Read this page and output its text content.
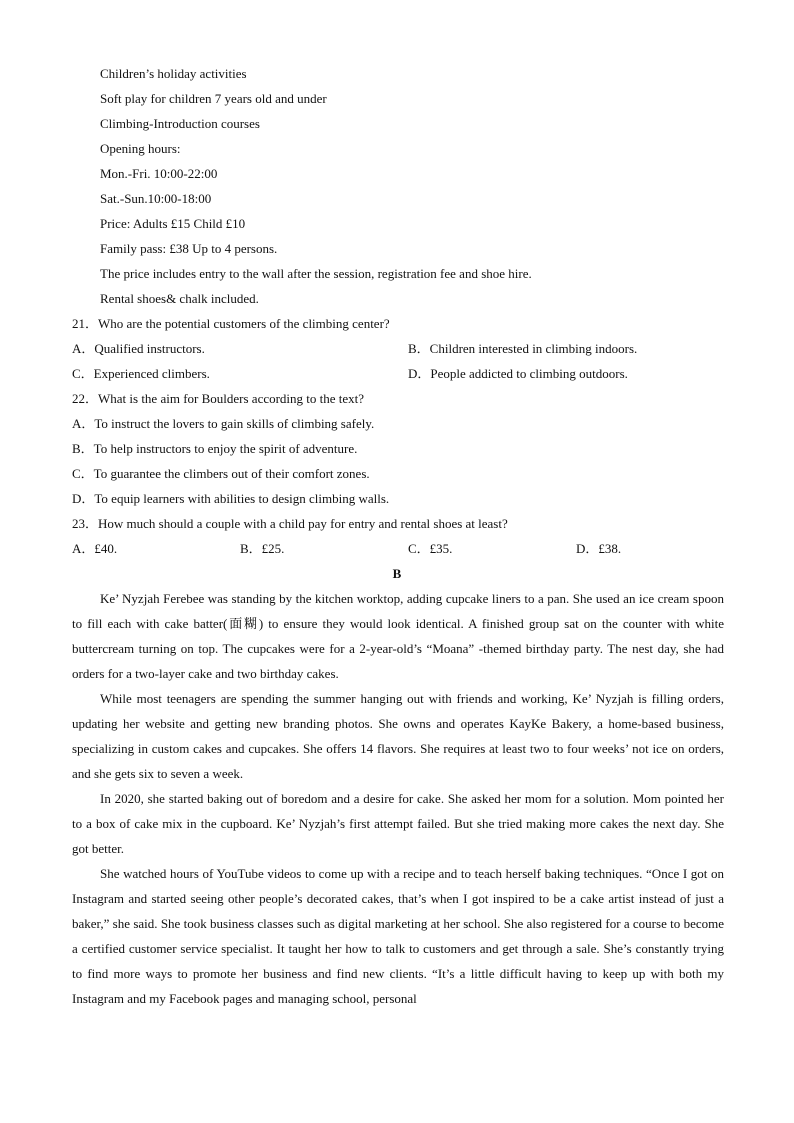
Children’s holiday activities
Soft play for children 7 years old and under
Climbing-Introduction courses
Opening hours:
Mon.-Fri. 10:00-22:00
Sat.-Sun.10:00-18:00
Price: Adults £15 Child £10
Family pass: £38 Up to 4 persons.
The price includes entry to the wall after the session, registration fee and shoe hire.
Rental shoes& chalk included.
21．Who are the potential customers of the climbing center?
A．Qualified instructors.	B．Children interested in climbing indoors.
C．Experienced climbers.	D．People addicted to climbing outdoors.
22．What is the aim for Boulders according to the text?
A．To instruct the lovers to gain skills of climbing safely.
B．To help instructors to enjoy the spirit of adventure.
C．To guarantee the climbers out of their comfort zones.
D．To equip learners with abilities to design climbing walls.
23．How much should a couple with a child pay for entry and rental shoes at least?
A．£40.	B．£25.	C．£35.	D．£38.
B

Ke’ Nyzjah Ferebee was standing by the kitchen worktop, adding cupcake liners to a pan. She used an ice cream spoon to fill each with cake batter(面糊) to ensure they would look identical. A finished group sat on the counter with white buttercream turning on top. The cupcakes were for a 2-year-old’s “Moana” -themed birthday party. The nest day, she had orders for a two-layer cake and two birthday cakes.

While most teenagers are spending the summer hanging out with friends and working, Ke’ Nyzjah is filling orders, updating her website and getting new branding photos. She owns and operates KayKe Bakery, a home-based business, specializing in custom cakes and cupcakes. She offers 14 flavors. She requires at least two to four weeks’ not ice on orders, and she gets six to seven a week.

In 2020, she started baking out of boredom and a desire for cake. She asked her mom for a solution. Mom pointed her to a box of cake mix in the cupboard. Ke’ Nyzjah’s first attempt failed. But she tried making more cakes the next day. She got better.

She watched hours of YouTube videos to come up with a recipe and to teach herself baking techniques. “Once I got on Instagram and started seeing other people’s decorated cakes, that’s when I got inspired to be a cake artist instead of just a baker,” she said. She took business classes such as digital marketing at her school. She also registered for a course to become a certified customer service specialist. It taught her how to talk to customers and get through a sale. She’s constantly trying to find more ways to promote her business and find new clients. “It’s a little difficult having to keep up with both my Instagram and my Facebook pages and managing school, personal
